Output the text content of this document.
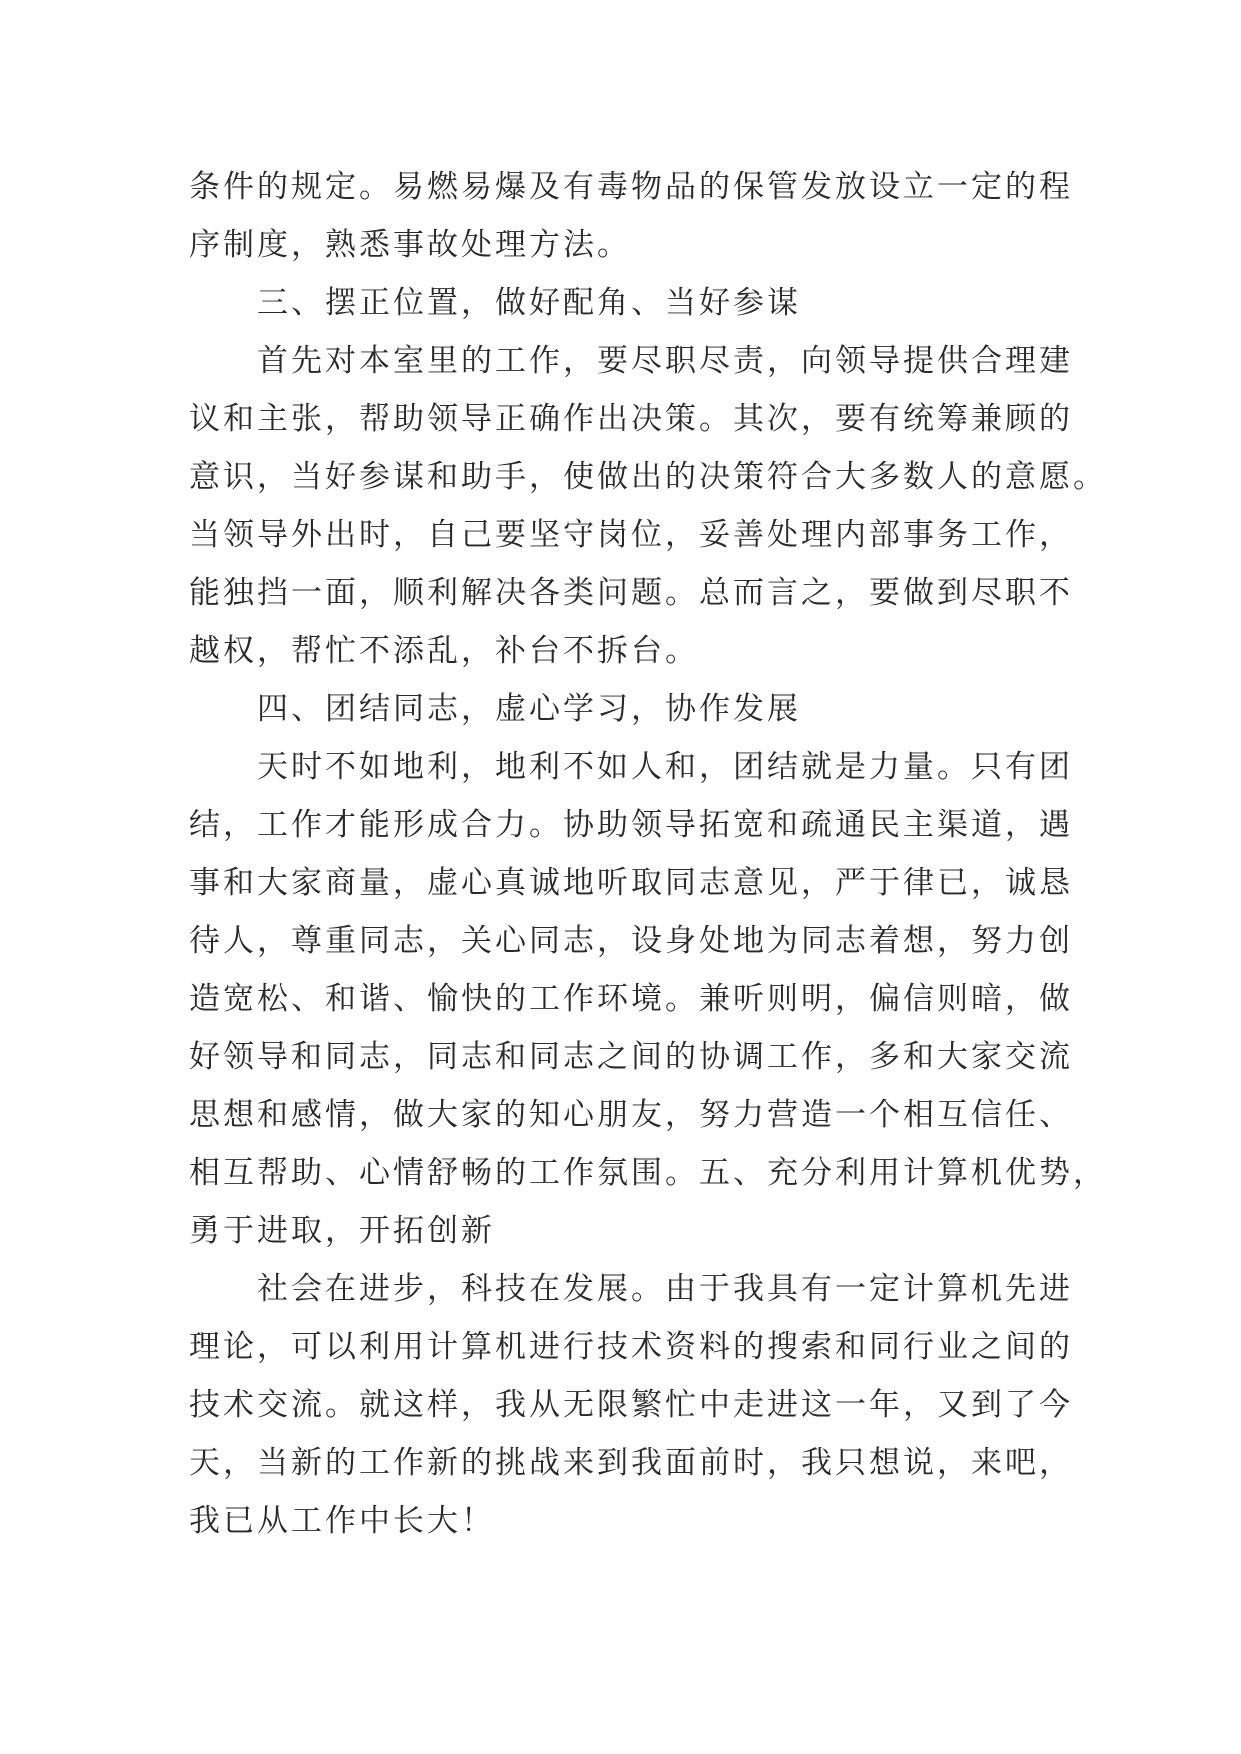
条件的规定。易燃易爆及有毒物品的保管发放设立一定的程
序制度，熟悉事故处理方法。
三、摆正位置，做好配角、当好参谋
首先对本室里的工作，要尽职尽责，向领导提供合理建
议和主张，帮助领导正确作出决策。其次，要有统筹兼顾的
意识，当好参谋和助手，使做出的决策符合大多数人的意愿。
当领导外出时，自己要坚守岗位，妥善处理内部事务工作，
能独挡一面，顺利解决各类问题。总而言之，要做到尽职不
越权，帮忙不添乱，补台不拆台。
四、团结同志，虚心学习，协作发展
天时不如地利，地利不如人和，团结就是力量。只有团
结，工作才能形成合力。协助领导拓宽和疏通民主渠道，遇
事和大家商量，虚心真诚地听取同志意见，严于律已，诚恳
待人，尊重同志，关心同志，设身处地为同志着想，努力创
造宽松、和谐、愉快的工作环境。兼听则明，偏信则暗，做
好领导和同志，同志和同志之间的协调工作，多和大家交流
思想和感情，做大家的知心朋友，努力营造一个相互信任、
相互帮助、心情舒畅的工作氛围。五、充分利用计算机优势，
勇于进取，开拓创新
社会在进步，科技在发展。由于我具有一定计算机先进
理论，可以利用计算机进行技术资料的搜索和同行业之间的
技术交流。就这样，我从无限繁忙中走进这一年，又到了今
天，当新的工作新的挑战来到我面前时，我只想说，来吧，
我已从工作中长大！
